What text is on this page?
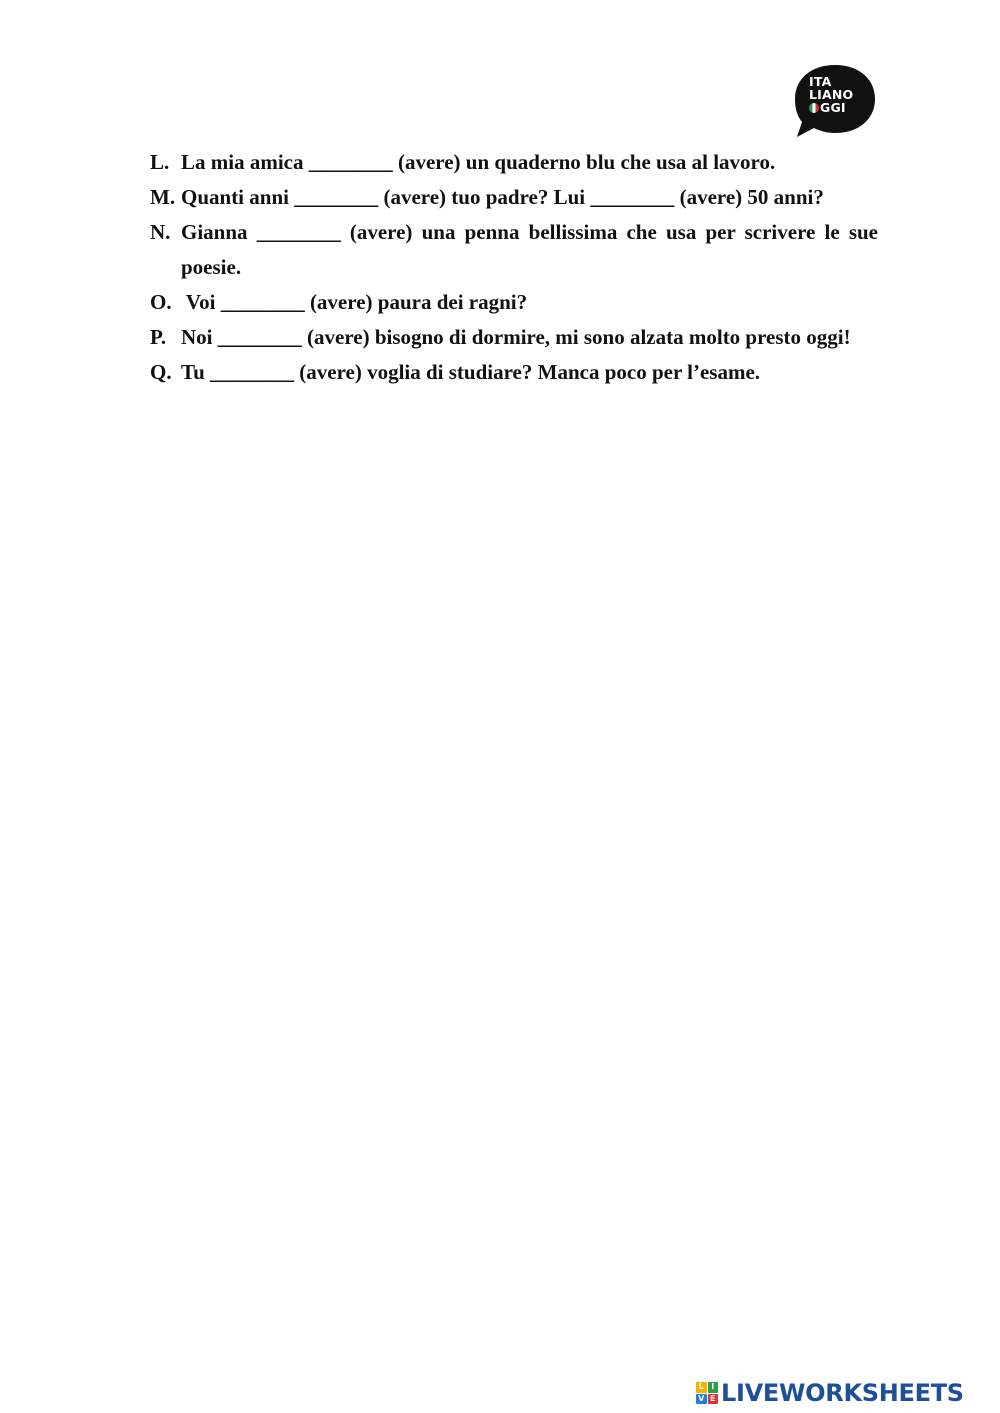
ITA
LIANO
GGI
L. La mia amica ________ (avere) un quaderno blu che usa al lavoro.
M. Quanti anni ________ (avere) tuo padre? Lui ________ (avere) 50 anni?
N. Gianna ________ (avere) una penna bellissima che usa per scrivere le sue poesie.
O. Voi ________ (avere) paura dei ragni?
P. Noi ________ (avere) bisogno di dormire, mi sono alzata molto presto oggi!
Q. Tu ________ (avere) voglia di studiare? Manca poco per l’esame.
L I
V E LIVEWORKSHEETS
